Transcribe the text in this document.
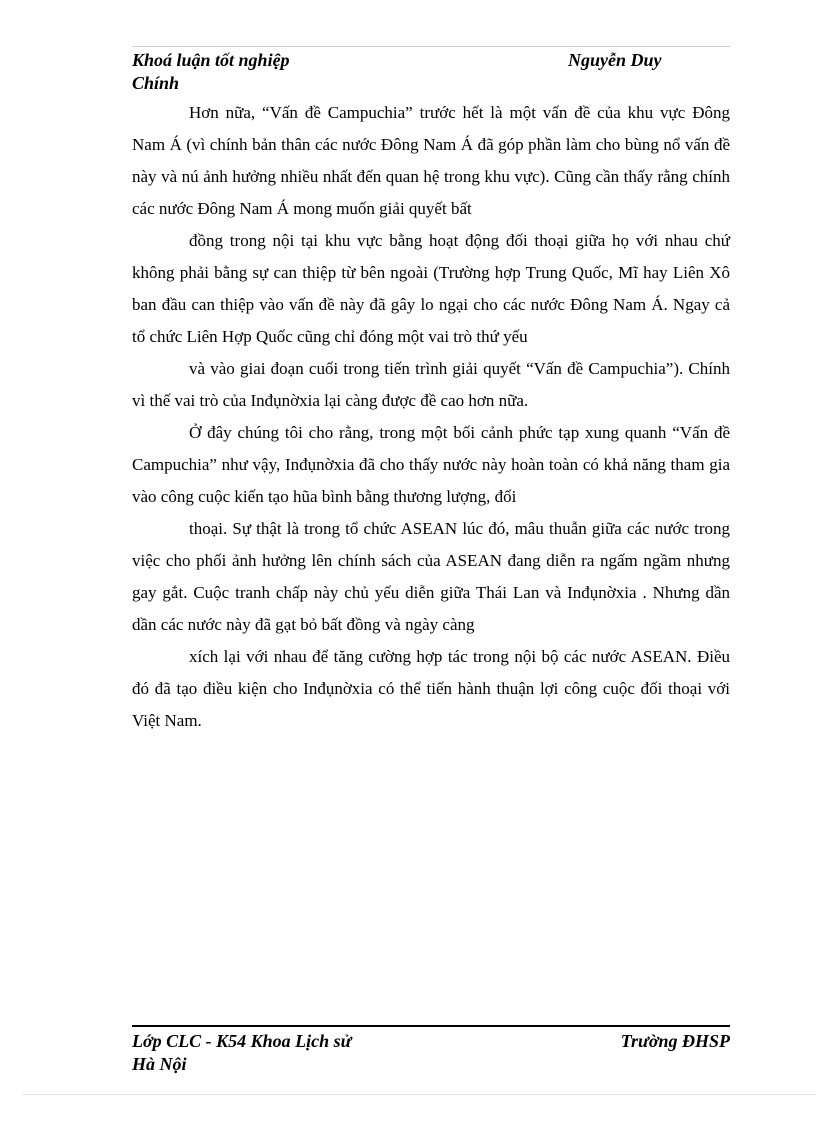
Khoá luận tốt nghiệp
Chính
Nguyễn Duy

Hơn nữa, “Vấn đề Campuchia” trước hết là một vấn đề của khu vực Đông Nam Á (vì chính bản thân các nước Đông Nam Á đã góp phần làm cho bùng nổ vấn đề này và nú ảnh hưởng nhiều nhất đến quan hệ trong khu vực). Cũng cần thấy rằng chính các nước Đông Nam Á mong muốn giải quyết bất

đồng trong nội tại khu vực bằng hoạt động đối thoại giữa họ với nhau chứ không phải bằng sự can thiệp từ bên ngoài (Trường hợp Trung Quốc, Mĩ hay Liên Xô ban đầu can thiệp vào vấn đề này đã gây lo ngại cho các nước Đông Nam Á. Ngay cả tổ chức Liên Hợp Quốc cũng chỉ đóng một vai trò thứ yếu

và vào giai đoạn cuối trong tiến trình giải quyết “Vấn đề Campuchia”). Chính vì thế vai trò của Inđụnờxia lại càng được đề cao hơn nữa.

Ở đây chúng tôi cho rằng, trong một bối cảnh phức tạp xung quanh “Vấn đề Campuchia” như vậy, Inđụnờxia đã cho thấy nước này hoàn toàn có khả năng tham gia vào công cuộc kiến tạo hũa bình bằng thương lượng, đối

thoại. Sự thật là trong tổ chức ASEAN lúc đó, mâu thuẫn giữa các nước trong việc cho phối ảnh hưởng lên chính sách của ASEAN đang diễn ra ngấm ngầm nhưng gay gắt. Cuộc tranh chấp này chủ yếu diễn giữa Thái Lan và Inđụnờxia . Nhưng dần dần các nước này đã gạt bỏ bất đồng và ngày càng

xích lại với nhau để tăng cường hợp tác trong nội bộ các nước ASEAN. Điều đó đã tạo điều kiện cho Inđụnờxia có thể tiến hành thuận lợi công cuộc đối thoại với Việt Nam.

Lớp CLC - K54 Khoa Lịch sử
Hà Nội
Trường ĐHSP
